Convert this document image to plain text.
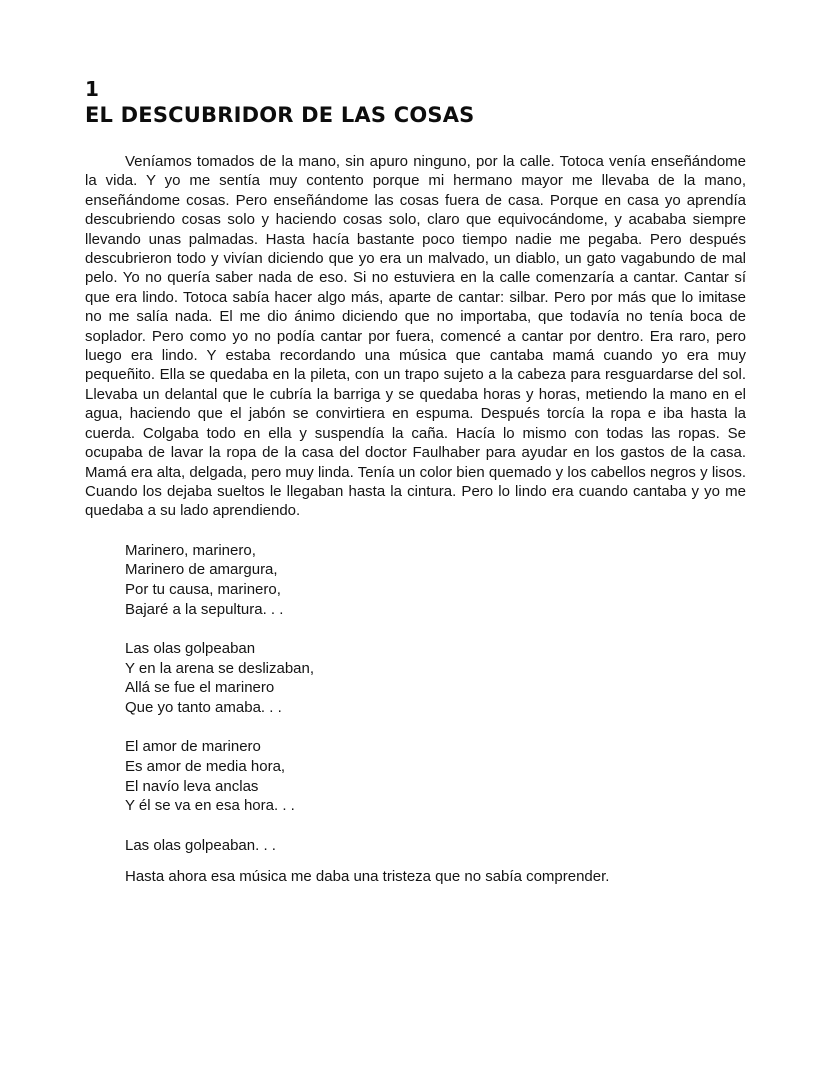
1
EL DESCUBRIDOR DE LAS COSAS

Veníamos tomados de la mano, sin apuro ninguno, por la calle. Totoca venía enseñándome la vida. Y yo me sentía muy contento porque mi hermano mayor me llevaba de la mano, enseñándome cosas. Pero enseñándome las cosas fuera de casa. Porque en casa yo aprendía descubriendo cosas solo y haciendo cosas solo, claro que equivocándome, y acababa siempre llevando unas palmadas. Hasta hacía bastante poco tiempo nadie me pegaba. Pero después descubrieron todo y vivían diciendo que yo era un malvado, un diablo, un gato vagabundo de mal pelo. Yo no quería saber nada de eso. Si no estuviera en la calle comenzaría a cantar. Cantar sí que era lindo. Totoca sabía hacer algo más, aparte de cantar: silbar. Pero por más que lo imitase no me salía nada. El me dio ánimo diciendo que no importaba, que todavía no tenía boca de soplador. Pero como yo no podía cantar por fuera, comencé a cantar por dentro. Era raro, pero luego era lindo. Y estaba recordando una música que cantaba mamá cuando yo era muy pequeñito. Ella se quedaba en la pileta, con un trapo sujeto a la cabeza para resguardarse del sol. Llevaba un delantal que le cubría la barriga y se quedaba horas y horas, metiendo la mano en el agua, haciendo que el jabón se convirtiera en espuma. Después torcía la ropa e iba hasta la cuerda. Colgaba todo en ella y suspendía la caña. Hacía lo mismo con todas las ropas. Se ocupaba de lavar la ropa de la casa del doctor Faulhaber para ayudar en los gastos de la casa. Mamá era alta, delgada, pero muy linda. Tenía un color bien quemado y los cabellos negros y lisos. Cuando los dejaba sueltos le llegaban hasta la cintura. Pero lo lindo era cuando cantaba y yo me quedaba a su lado aprendiendo.

Marinero, marinero,
Marinero de amargura,
Por tu causa, marinero,
Bajaré a la sepultura. . .
Las olas golpeaban
Y en la arena se deslizaban,
Allá se fue el marinero
Que yo tanto amaba. . .
El amor de marinero
Es amor de media hora,
El navío leva anclas
Y él se va en esa hora. . .
Las olas golpeaban. . .

Hasta ahora esa música me daba una tristeza que no sabía comprender.
